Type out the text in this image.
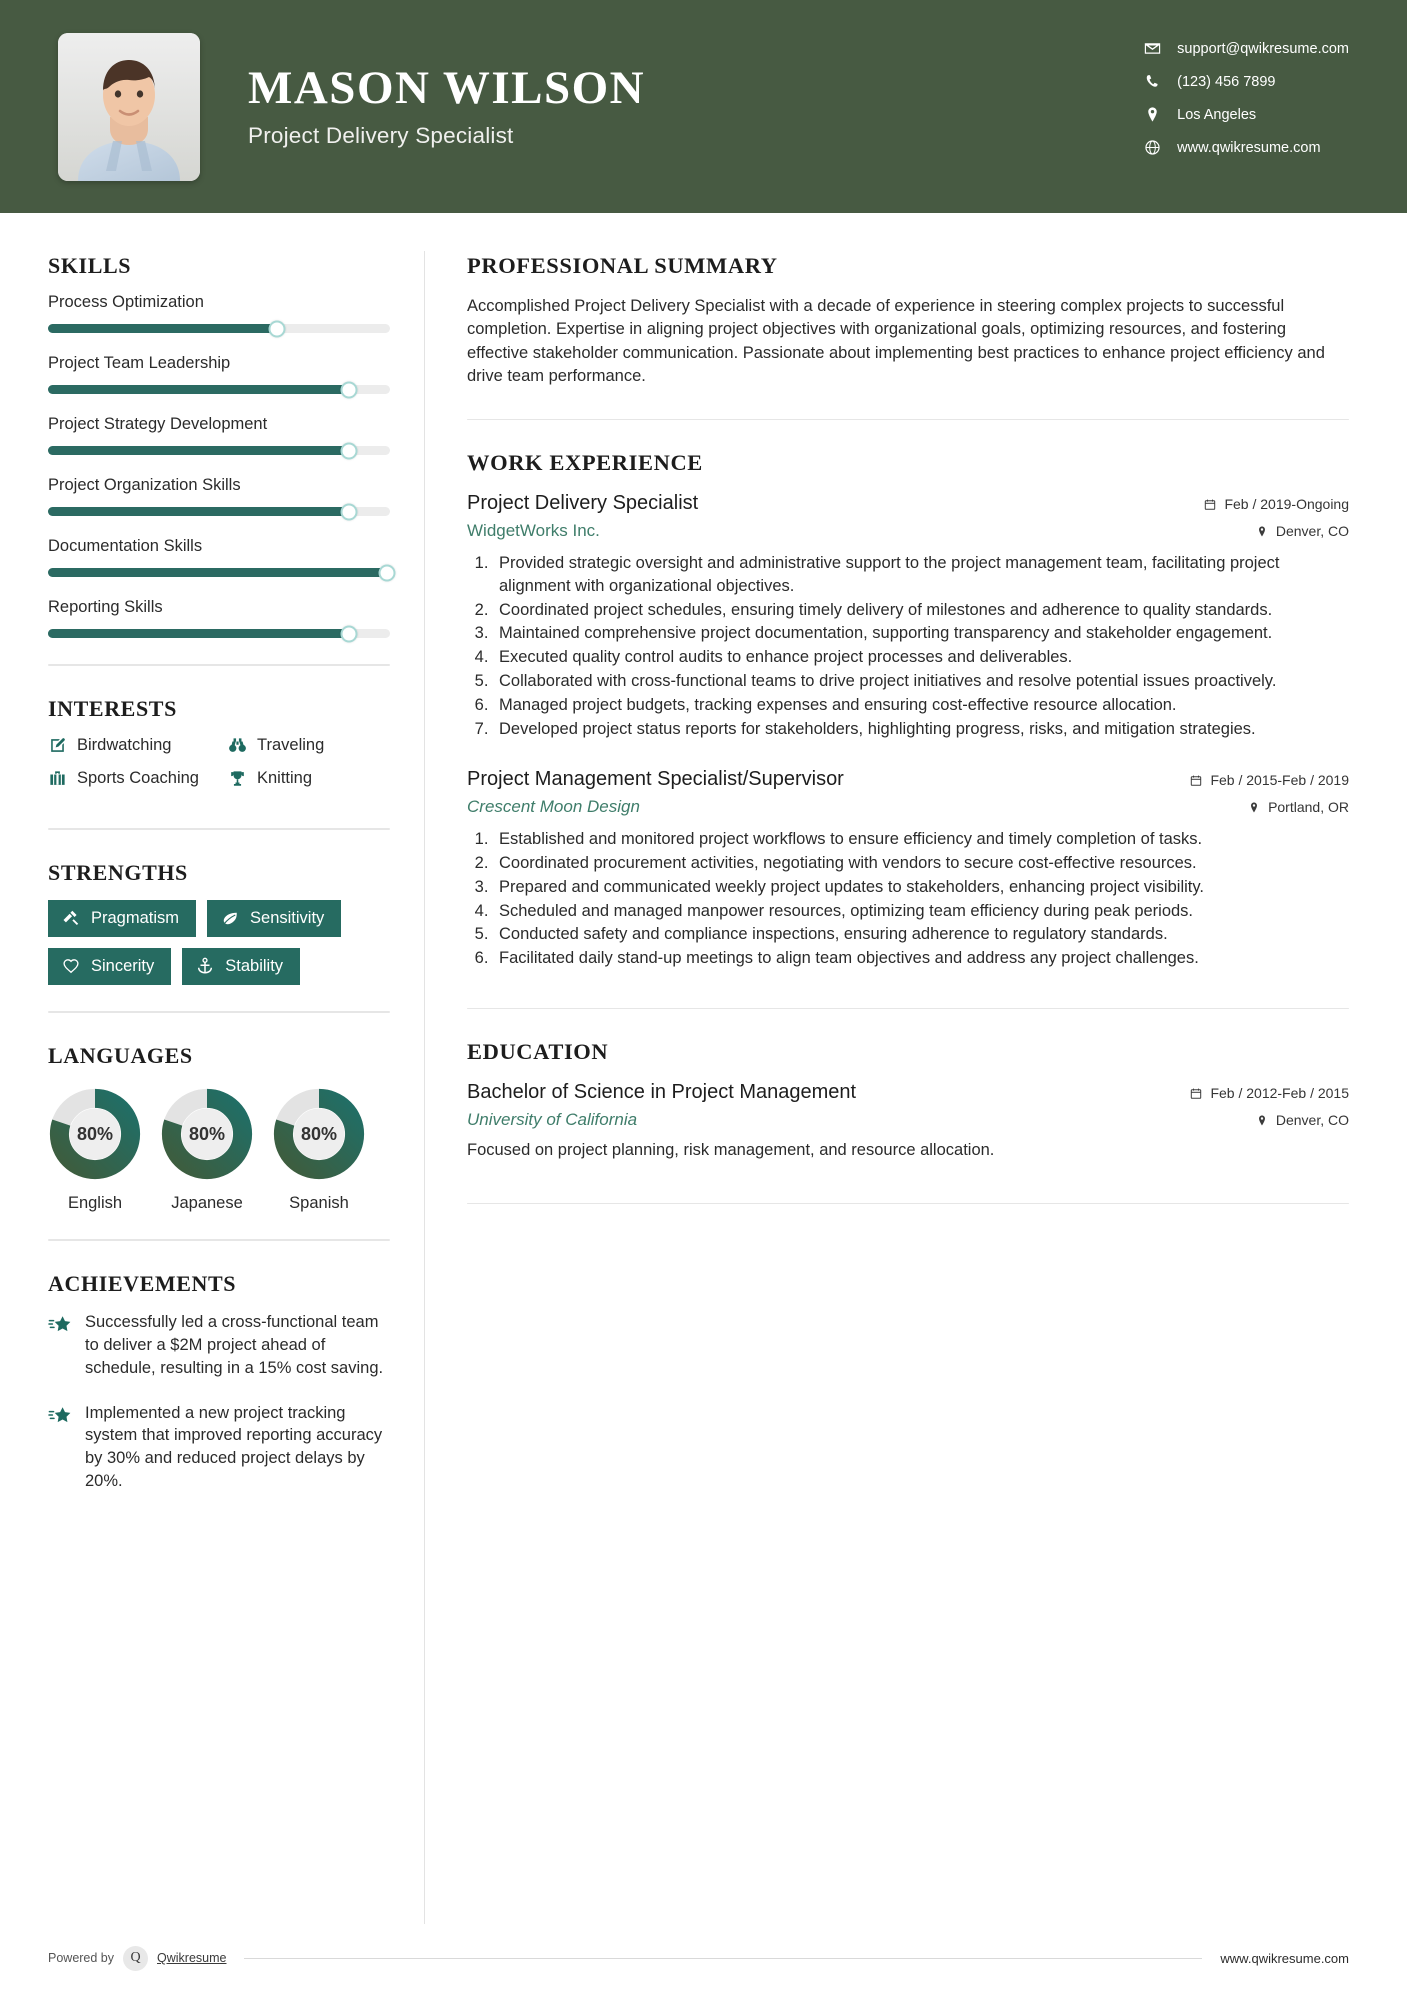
MASON WILSON
Project Delivery Specialist
support@qwikresume.com
(123) 456 7899
Los Angeles
www.qwikresume.com
SKILLS
Process Optimization
Project Team Leadership
Project Strategy Development
Project Organization Skills
Documentation Skills
Reporting Skills
INTERESTS
Birdwatching	Traveling
Sports Coaching	Knitting
STRENGTHS
Pragmatism	Sensitivity
Sincerity	Stability
LANGUAGES
80%
English
80%
Japanese
80%
Spanish
ACHIEVEMENTS
Successfully led a cross-functional team to deliver a $2M project ahead of schedule, resulting in a 15% cost saving.
Implemented a new project tracking system that improved reporting accuracy by 30% and reduced project delays by 20%.
PROFESSIONAL SUMMARY
Accomplished Project Delivery Specialist with a decade of experience in steering complex projects to successful completion. Expertise in aligning project objectives with organizational goals, optimizing resources, and fostering effective stakeholder communication. Passionate about implementing best practices to enhance project efficiency and drive team performance.
WORK EXPERIENCE
Project Delivery Specialist
WidgetWorks Inc.
Feb / 2019-Ongoing
Denver, CO
1. Provided strategic oversight and administrative support to the project management team, facilitating project alignment with organizational objectives.
2. Coordinated project schedules, ensuring timely delivery of milestones and adherence to quality standards.
3. Maintained comprehensive project documentation, supporting transparency and stakeholder engagement.
4. Executed quality control audits to enhance project processes and deliverables.
5. Collaborated with cross-functional teams to drive project initiatives and resolve potential issues proactively.
6. Managed project budgets, tracking expenses and ensuring cost-effective resource allocation.
7. Developed project status reports for stakeholders, highlighting progress, risks, and mitigation strategies.
Project Management Specialist/Supervisor
Crescent Moon Design
Feb / 2015-Feb / 2019
Portland, OR
1. Established and monitored project workflows to ensure efficiency and timely completion of tasks.
2. Coordinated procurement activities, negotiating with vendors to secure cost-effective resources.
3. Prepared and communicated weekly project updates to stakeholders, enhancing project visibility.
4. Scheduled and managed manpower resources, optimizing team efficiency during peak periods.
5. Conducted safety and compliance inspections, ensuring adherence to regulatory standards.
6. Facilitated daily stand-up meetings to align team objectives and address any project challenges.
EDUCATION
Bachelor of Science in Project Management
University of California
Feb / 2012-Feb / 2015
Denver, CO
Focused on project planning, risk management, and resource allocation.
Powered by Q Qwikresume	www.qwikresume.com
